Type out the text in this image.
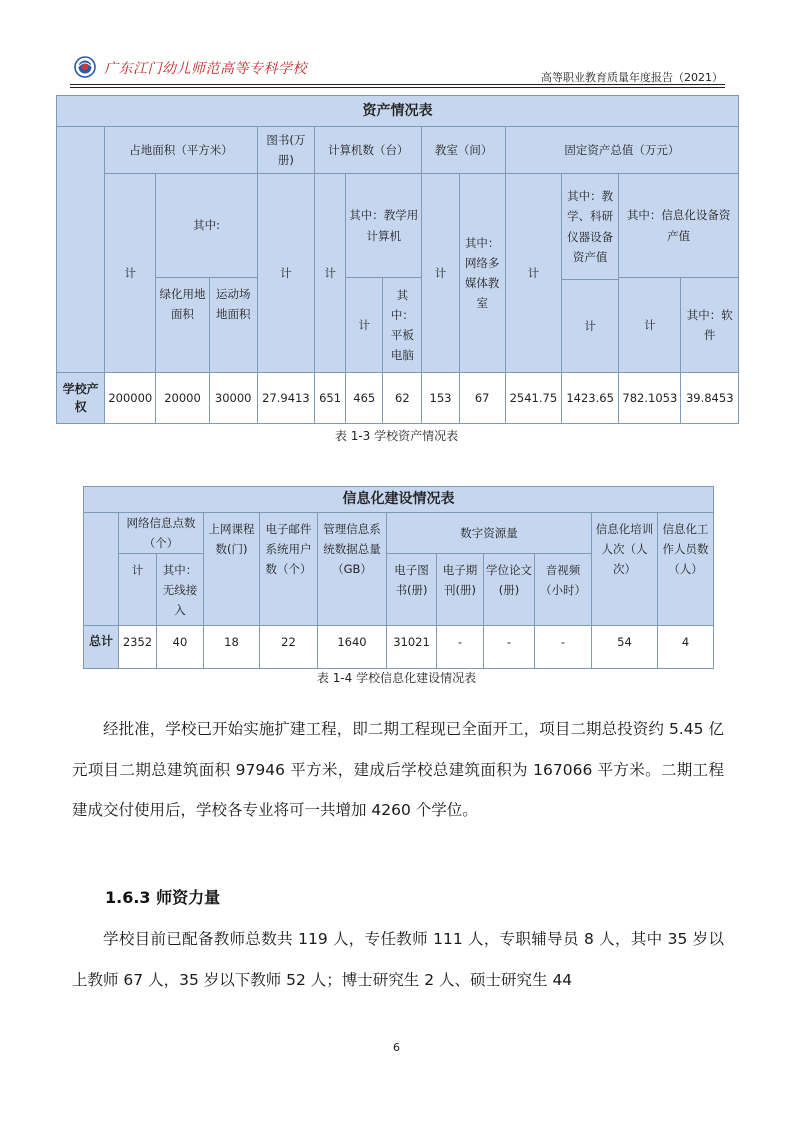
广东江门幼儿师范高等专科学校
高等职业教育质量年度报告（2021）
资产情况表													
	占地面积（平方米）			图书(万册)	计算机数（台）			教室（间）		固定资产总值（万元）			
	计	其中:		计	计	其中：教学用计算机		计	其中：网络多媒体教室	计	其中：教学、科研仪器设备资产值	其中：信息化设备资产值	
		绿化用地面积	运动场地面积			计	其中：平板电脑					计	其中：软件
											计		
学校产权	200000	20000	30000	27.9413	651	465	62	153	67	2541.75	1423.65	782.1053	39.8453
表 1-3 学校资产情况表
信息化建设情况表											
	网络信息点数（个）		上网课程数(门)	电子邮件系统用户数（个）	管理信息系统数据总量（GB）	数字资源量				信息化培训人次（人次）	信息化工作人员数（人）
	计	其中：无线接入				电子图书(册)	电子期刊(册)	学位论文(册)	音视频（小时）		
总计	2352	40	18	22	1640	31021	-	-	-	54	4
表 1-4 学校信息化建设情况表

经批准，学校已开始实施扩建工程，即二期工程现已全面开工，项目二期总投资约 5.45 亿元项目二期总建筑面积 97946 平方米，建成后学校总建筑面积为 167066 平方米。二期工程建成交付使用后，学校各专业将可一共增加 4260 个学位。

1.6.3 师资力量

学校目前已配备教师总数共 119 人，专任教师 111 人，专职辅导员 8 人，其中 35 岁以上教师 67 人，35 岁以下教师 52 人；博士研究生 2 人、硕士研究生 44

6
